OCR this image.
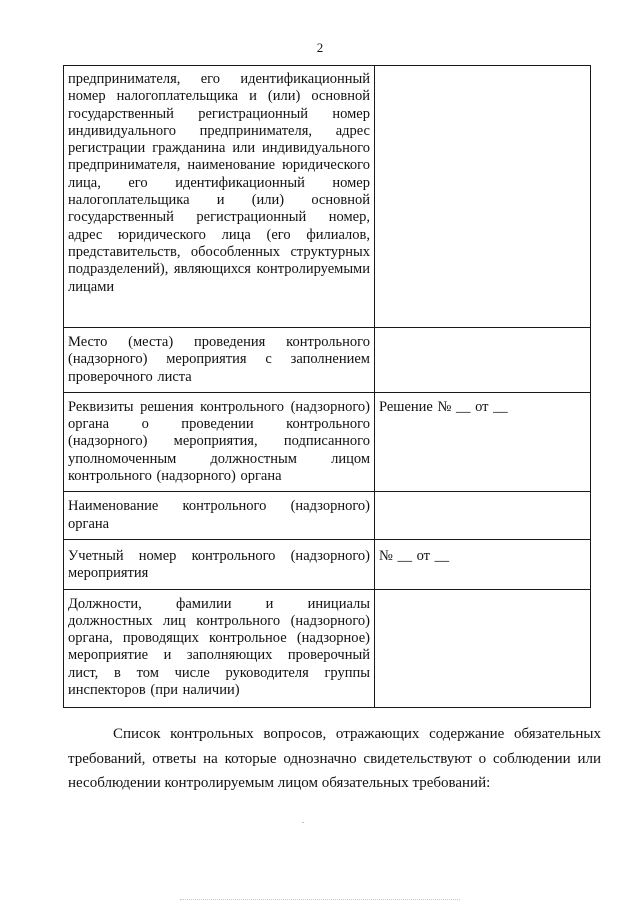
2
предпринимателя, его идентификационный номер налогоплательщика и (или) основной государственный регистрационный номер индивидуального предпринимателя, адрес регистрации гражданина или индивидуального предпринимателя, наименование юридического лица, его идентификационный номер налогоплательщика и (или) основной государственный регистрационный номер, адрес юридического лица (его филиалов, представительств, обособленных структурных подразделений), являющихся контролируемыми лицами	

Место (места) проведения контрольного (надзорного) мероприятия с заполнением проверочного листа	

Реквизиты решения контрольного (надзорного) органа о проведении контрольного (надзорного) мероприятия, подписанного уполномоченным должностным лицом контрольного (надзорного) органа	Решение № __ от __

Наименование контрольного (надзорного) органа	

Учетный номер контрольного (надзорного) мероприятия	№ __ от __

Должности, фамилии и инициалы должностных лиц контрольного (надзорного) органа, проводящих контрольное (надзорное) мероприятие и заполняющих проверочный лист, в том числе руководителя группы инспекторов (при наличии)	

Список контрольных вопросов, отражающих содержание обязательных требований, ответы на которые однозначно свидетельствуют о соблюдении или несоблюдении контролируемым лицом обязательных требований:
